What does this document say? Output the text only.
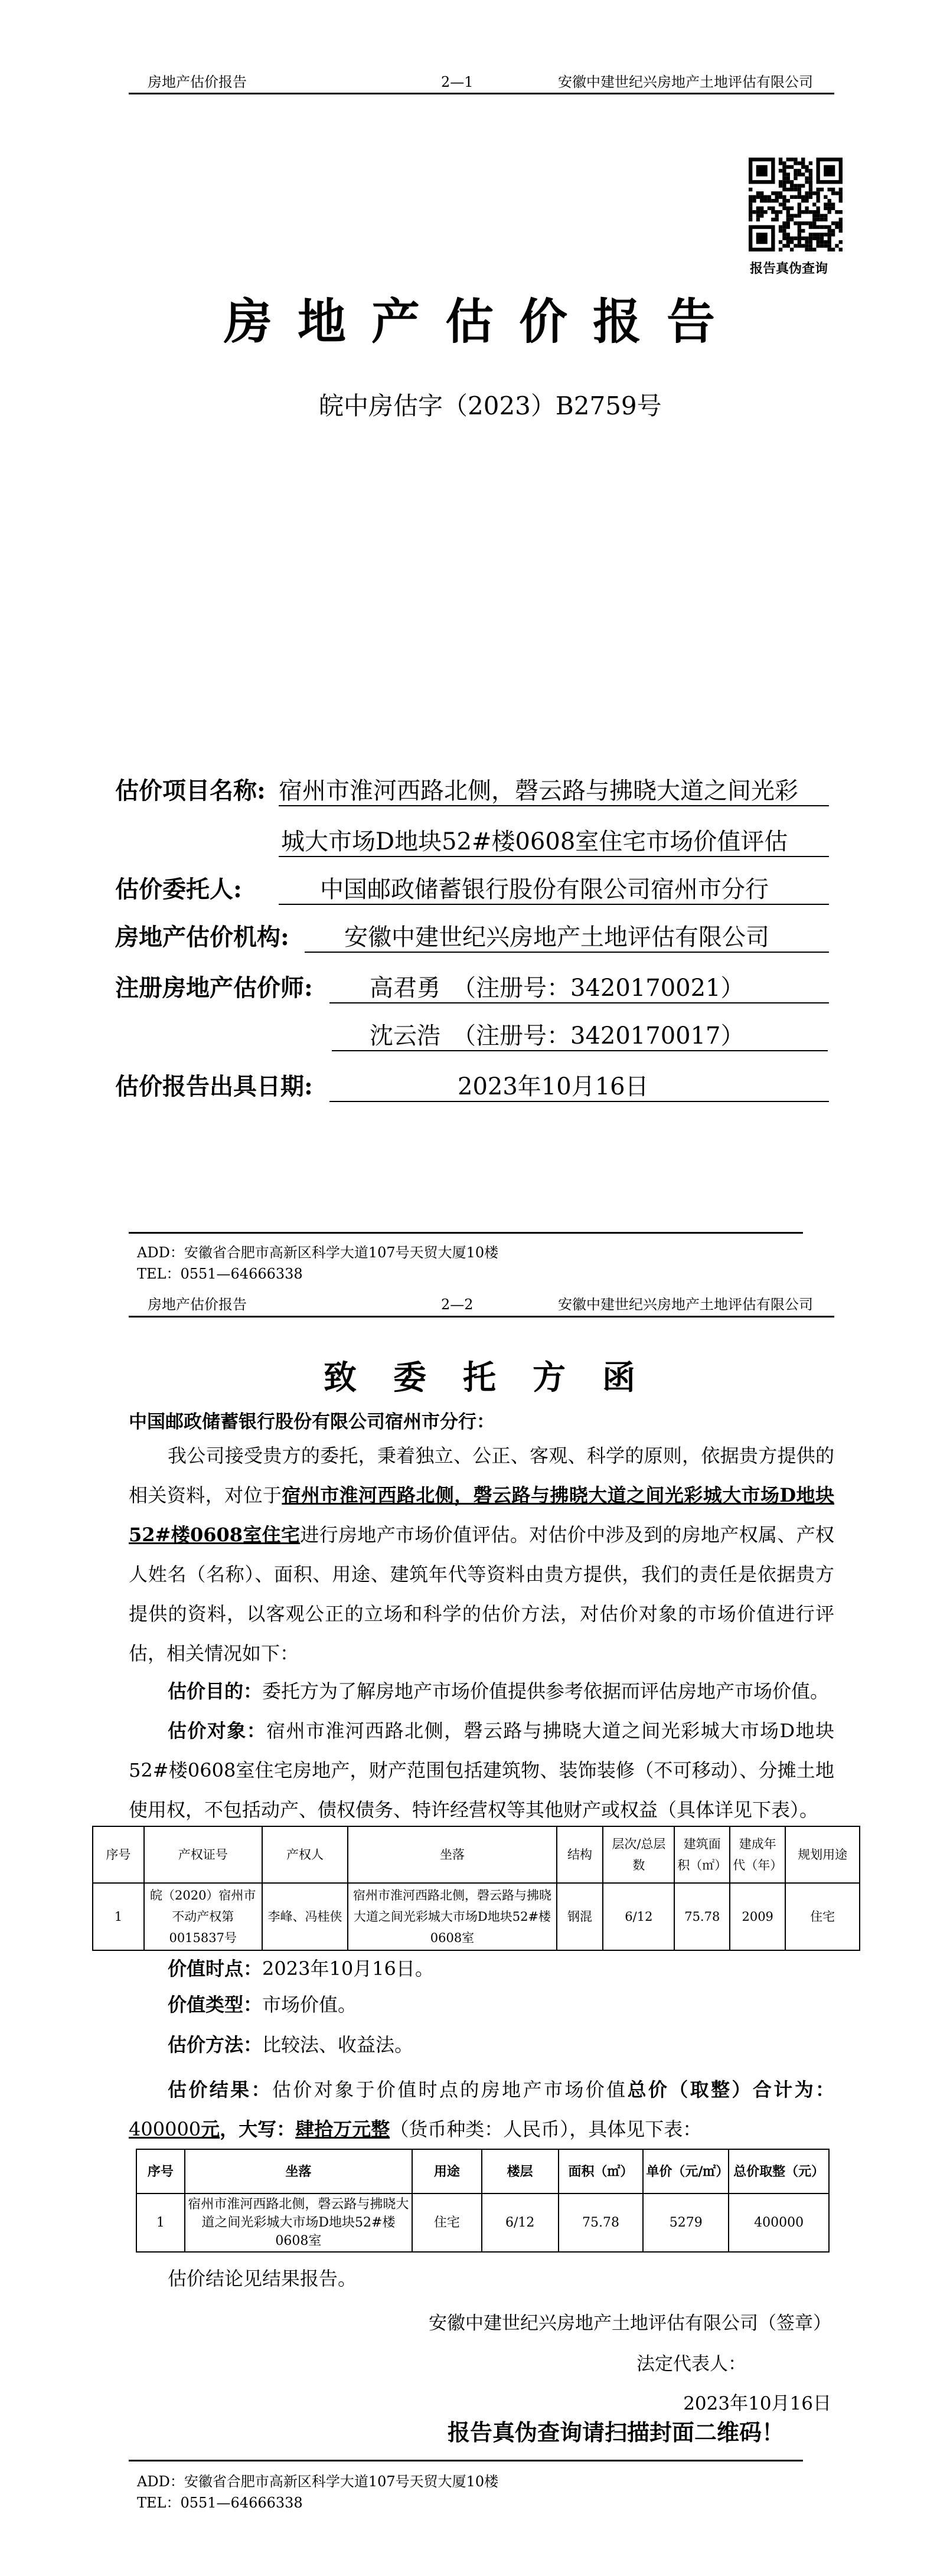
房地产估价报告	2—1	安徽中建世纪兴房地产土地评估有限公司
报告真伪查询
房地产估价报告
皖中房估字（2023）B2759号
估价项目名称: 宿州市淮河西路北侧，磬云路与拂晓大道之间光彩
城大市场D地块52#楼0608室住宅市场价值评估
估价委托人:	中国邮政储蓄银行股份有限公司宿州市分行
房地产估价机构: 安徽中建世纪兴房地产土地评估有限公司
注册房地产估价师: 高君勇　（注册号：3420170021）
沈云浩　（注册号：3420170017）
估价报告出具日期:	2023年10月16日
ADD：安徽省合肥市高新区科学大道107号天贸大厦10楼
TEL：0551—64666338
房地产估价报告	2—2	安徽中建世纪兴房地产土地评估有限公司
致委托方函
中国邮政储蓄银行股份有限公司宿州市分行：
我公司接受贵方的委托，秉着独立、公正、客观、科学的原则，依据贵方提供的相关资料，对位于宿州市淮河西路北侧，磬云路与拂晓大道之间光彩城大市场D地块52#楼0608室住宅进行房地产市场价值评估。对估价中涉及到的房地产权属、产权人姓名（名称）、面积、用途、建筑年代等资料由贵方提供，我们的责任是依据贵方提供的资料，以客观公正的立场和科学的估价方法，对估价对象的市场价值进行评估，相关情况如下：
估价目的：委托方为了解房地产市场价值提供参考依据而评估房地产市场价值。
估价对象：宿州市淮河西路北侧，磬云路与拂晓大道之间光彩城大市场D地块52#楼0608室住宅房地产，财产范围包括建筑物、装饰装修（不可移动）、分摊土地使用权，不包括动产、债权债务、特许经营权等其他财产或权益（具体详见下表）。
序号	产权证号	产权人	坐落	结构	层次/总层数	建筑面积（㎡）	建成年代（年）	规划用途
1	皖（2020）宿州市不动产权第0015837号	李峰、冯桂侠	宿州市淮河西路北侧，磬云路与拂晓大道之间光彩城大市场D地块52#楼0608室	钢混	6/12	75.78	2009	住宅
价值时点：2023年10月16日。
价值类型：市场价值。
估价方法：比较法、收益法。
估价结果：估价对象于价值时点的房地产市场价值总价（取整）合计为：400000元，大写：肆拾万元整（货币种类：人民币），具体见下表：
序号	坐落	用途	楼层	面积（㎡）	单价（元/㎡）	总价取整（元）
1	宿州市淮河西路北侧，磬云路与拂晓大道之间光彩城大市场D地块52#楼0608室	住宅	6/12	75.78	5279	400000
估价结论见结果报告。
安徽中建世纪兴房地产土地评估有限公司（签章）
法定代表人：
2023年10月16日
报告真伪查询请扫描封面二维码！
ADD：安徽省合肥市高新区科学大道107号天贸大厦10楼
TEL：0551—64666338
